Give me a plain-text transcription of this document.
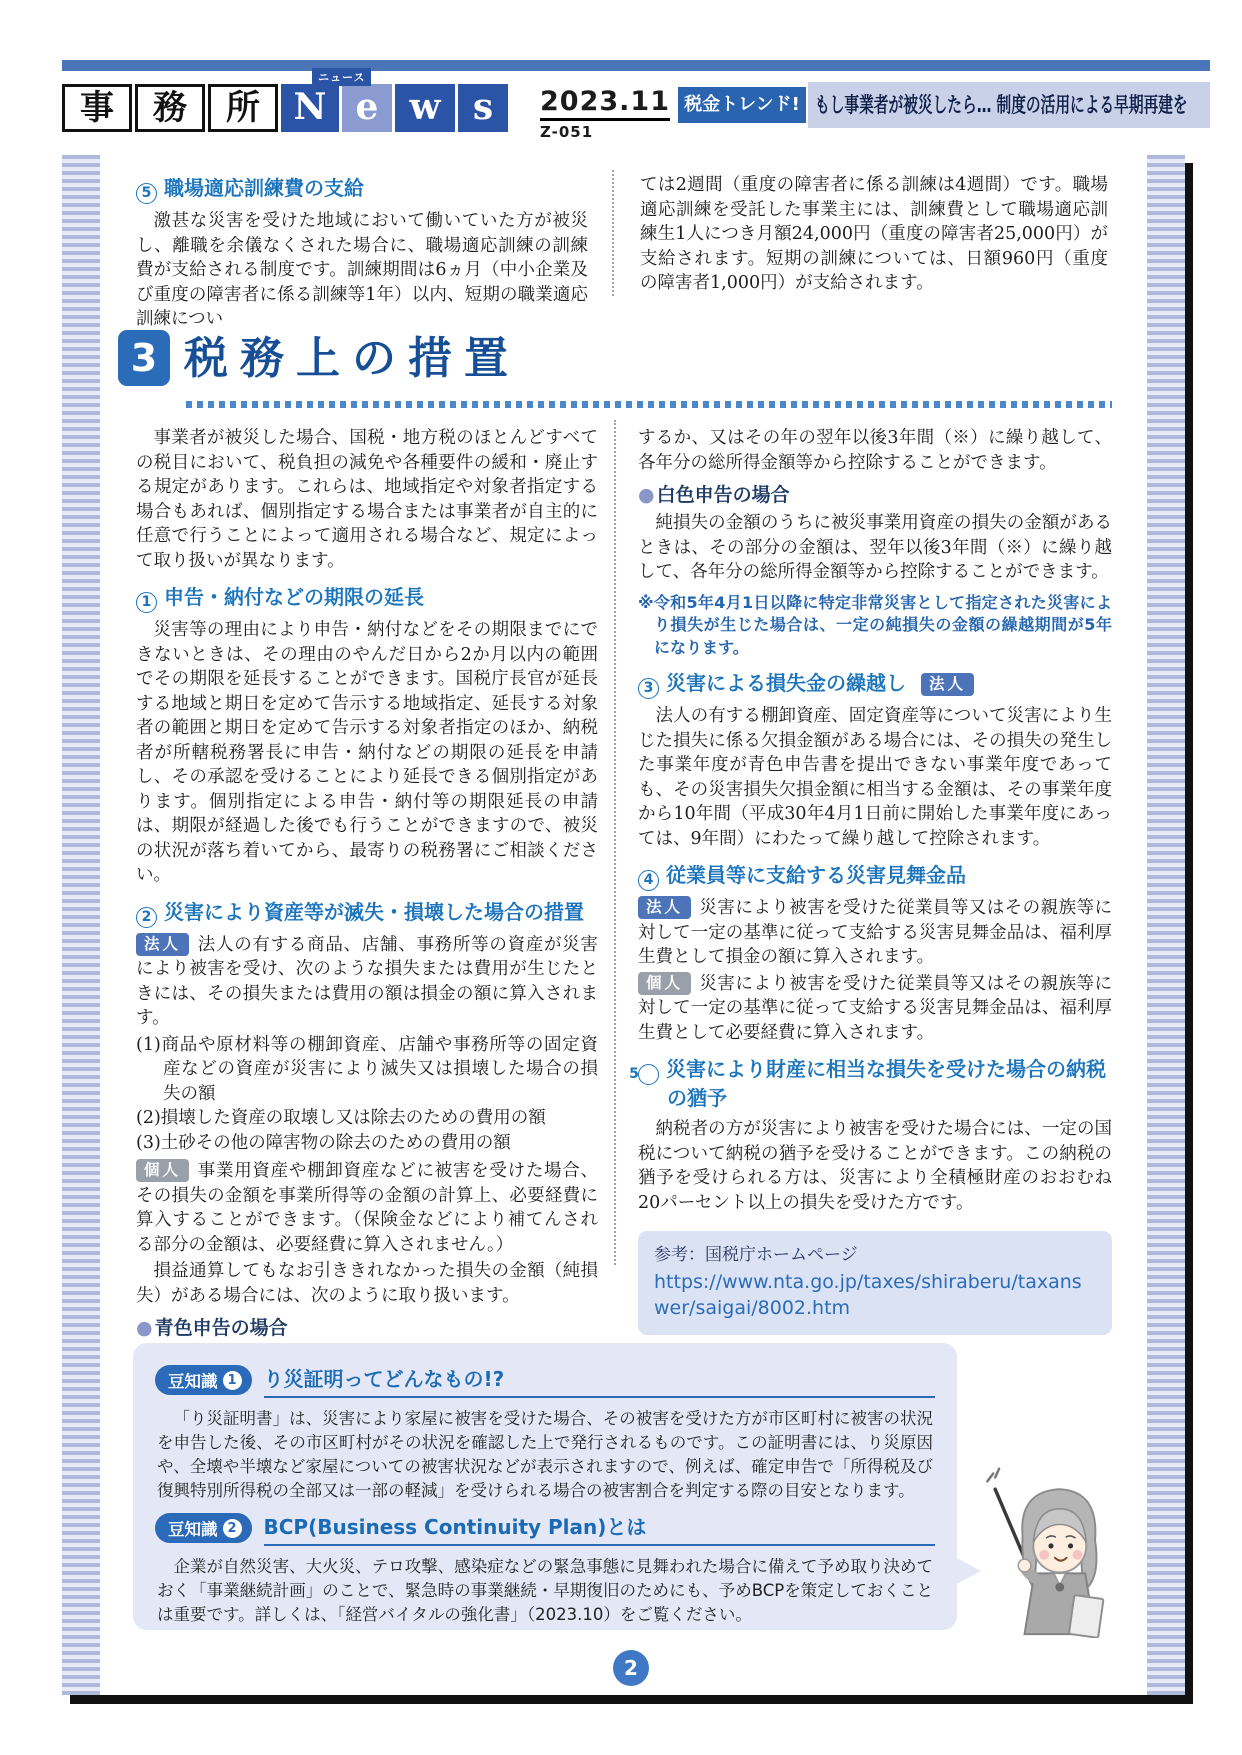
事	務	所 N e w s
ニュース
2023.11
Z-051
税金トレンド! もし事業者が被災したら… 制度の活用による早期再建を
5 職場適応訓練費の支給

激甚な災害を受けた地域において働いていた方が被災し、離職を余儀なくされた場合に、職場適応訓練の訓練費が支給される制度です。訓練期間は6ヵ月（中小企業及び重度の障害者に係る訓練等1年）以内、短期の職業適応訓練につい

ては2週間（重度の障害者に係る訓練は4週間）です。職場適応訓練を受託した事業主には、訓練費として職場適応訓練生1人につき月額24,000円（重度の障害者25,000円）が支給されます。短期の訓練については、日額960円（重度の障害者1,000円）が支給されます。

3 税務上の措置

事業者が被災した場合、国税・地方税のほとんどすべての税目において、税負担の減免や各種要件の緩和・廃止する規定があります。これらは、地域指定や対象者指定する場合もあれば、個別指定する場合または事業者が自主的に任意で行うことによって適用される場合など、規定によって取り扱いが異なります。

1 申告・納付などの期限の延長

災害等の理由により申告・納付などをその期限までにできないときは、その理由のやんだ日から2か月以内の範囲でその期限を延長することができます。国税庁長官が延長する地域と期日を定めて告示する地域指定、延長する対象者の範囲と期日を定めて告示する対象者指定のほか、納税者が所轄税務署長に申告・納付などの期限の延長を申請し、その承認を受けることにより延長できる個別指定があります。個別指定による申告・納付等の期限延長の申請は、期限が経過した後でも行うことができますので、被災の状況が落ち着いてから、最寄りの税務署にご相談ください。

2 災害により資産等が滅失・損壊した場合の措置

法人 法人の有する商品、店舗、事務所等の資産が災害により被害を受け、次のような損失または費用が生じたときには、その損失または費用の額は損金の額に算入されます。

(1)商品や原材料等の棚卸資産、店舗や事務所等の固定資産などの資産が災害により滅失又は損壊した場合の損失の額
(2)損壊した資産の取壊し又は除去のための費用の額
(3)土砂その他の障害物の除去のための費用の額

個人 事業用資産や棚卸資産などに被害を受けた場合、その損失の金額を事業所得等の金額の計算上、必要経費に算入することができます。（保険金などにより補てんされる部分の金額は、必要経費に算入されません。）

損益通算してもなお引ききれなかった損失の金額（純損失）がある場合には、次のように取り扱います。

● 青色申告の場合

するか、又はその年の翌年以後3年間（※）に繰り越して、各年分の総所得金額等から控除することができます。

● 白色申告の場合

純損失の金額のうちに被災事業用資産の損失の金額があるときは、その部分の金額は、翌年以後3年間（※）に繰り越して、各年分の総所得金額等から控除することができます。

※令和5年4月1日以降に特定非常災害として指定された災害により損失が生じた場合は、一定の純損失の金額の繰越期間が5年になります。
3 災害による損失金の繰越し 法人

法人の有する棚卸資産、固定資産等について災害により生じた損失に係る欠損金額がある場合には、その損失の発生した事業年度が青色申告書を提出できない事業年度であっても、その災害損失欠損金額に相当する金額は、その事業年度から10年間（平成30年4月1日前に開始した事業年度にあっては、9年間）にわたって繰り越して控除されます。

4 従業員等に支給する災害見舞金品

法人 災害により被害を受けた従業員等又はその親族等に対して一定の基準に従って支給する災害見舞金品は、福利厚生費として損金の額に算入されます。

個人 災害により被害を受けた従業員等又はその親族等に対して一定の基準に従って支給する災害見舞金品は、福利厚生費として必要経費に算入されます。

5 災害により財産に相当な損失を受けた場合の納税の猶予

納税者の方が災害により被害を受けた場合には、一定の国税について納税の猶予を受けることができます。この納税の猶予を受けられる方は、災害により全積極財産のおおむね20パーセント以上の損失を受けた方です。

参考：国税庁ホームページ
https://www.nta.go.jp/taxes/shiraberu/taxanswer/saigai/8002.htm
豆知識 1 り災証明ってどんなもの!?

「り災証明書」は、災害により家屋に被害を受けた場合、その被害を受けた方が市区町村に被害の状況を申告した後、その市区町村がその状況を確認した上で発行されるものです。この証明書には、り災原因や、全壊や半壊など家屋についての被害状況などが表示されますので、例えば、確定申告で「所得税及び復興特別所得税の全部又は一部の軽減」を受けられる場合の被害割合を判定する際の目安となります。

豆知識 2 BCP(Business Continuity Plan)とは

企業が自然災害、大火災、テロ攻撃、感染症などの緊急事態に見舞われた場合に備えて予め取り決めておく「事業継続計画」のことで、緊急時の事業継続・早期復旧のためにも、予めBCPを策定しておくことは重要です。詳しくは、「経営バイタルの強化書」（2023.10）をご覧ください。

2
